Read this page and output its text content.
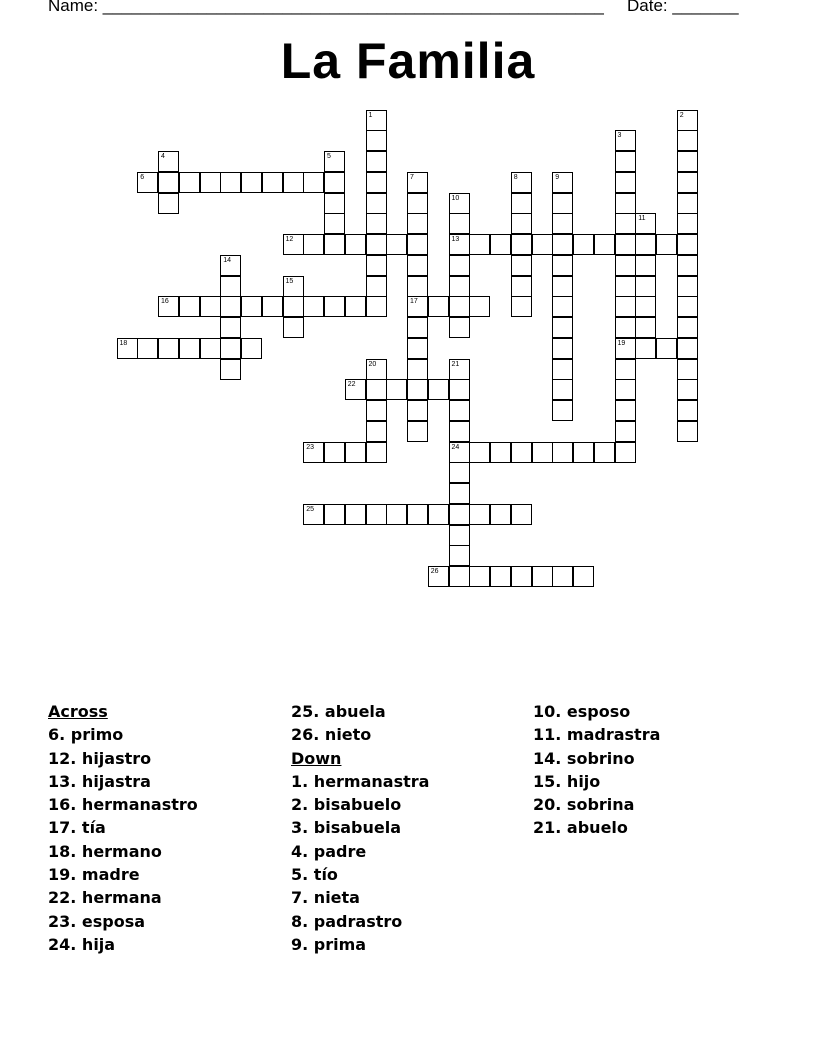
Name: _____________________________________________________ Date: _______
La Familia
1	2
3
19
4	5
6	7
17
8	9
10
13
11
12
14
15
16
18
20	21
24
22
23
25
26
Across
6. primo
12. hijastro
13. hijastra
16. hermanastro
17. tía
18. hermano
19. madre
22. hermana
23. esposa
24. hija
25. abuela
26. nieto
Down
1. hermanastra
2. bisabuelo
3. bisabuela
4. padre
5. tío
7. nieta
8. padrastro
9. prima
10. esposo
11. madrastra
14. sobrino
15. hijo
20. sobrina
21. abuelo
